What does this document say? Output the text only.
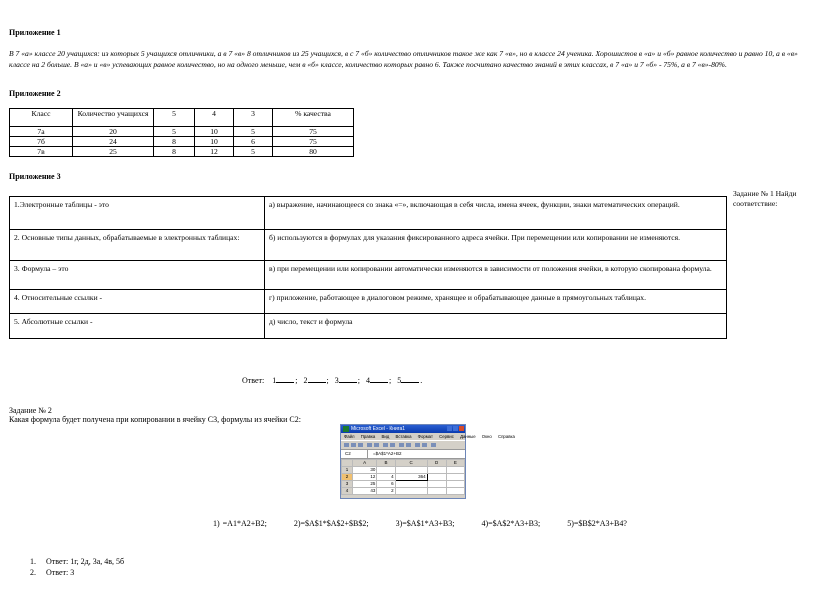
Приложение 1

В 7 «а» классе 20 учащихся: из которых 5 учащихся отличники, а в 7 «в» 8 отличников из 25 учащихся, в с 7 «б» количество отличников такое же как 7 «в», но в классе 24 ученика. Хорошистов в «а» и «б» равное количество и равно 10, а в «в» классе на 2 больше. В «а» и «в» успевающих равное количество, но на одного меньше, чем в «б» классе, количество которых равно 6. Также посчитано качество знаний в этих классах, в 7 «а» и 7 «б» - 75%, а в 7 «в»-80%.

Приложение 2
Класс	Количество учащихся	5	4	3	% качества
7а	20	5	10	5	75
7б	24	8	10	6	75
7в	25	8	12	5	80
Приложение 3
Задание № 1 Найди соответствие:
1.Электронные таблицы - это	а) выражение, начинающееся со знака «=», включающая в себя числа, имена ячеек, функции, знаки математических операций.
2. Основные типы данных, обрабатываемые в электронных таблицах:	б) используются в формулах для указания фиксированного адреса ячейки. При перемещении или копировании не изменяются.
3. Формула – это	в) при перемещении или копировании автоматически изменяются в зависимости от положения ячейки, в которую скопирована формула.
4. Относительные ссылки -	г) приложение, работающее в диалоговом режиме, хранящее и обрабатывающее данные в прямоугольных таблицах.
5. Абсолютные ссылки -	д) число, текст и формула
Ответ: 1 ;   2 ;   3 ;   4 ;   5 .
Задание № 2
Какая формула будет получена при копировании в ячейку С3, формулы из ячейки С2:
Microsoft Excel - Книга1
Файл Правка Вид Вставка Формат Сервис Данные Окно Справка
C2	=$A$1*A2+B2
	A	B	C	D	E
1	30				
2	12	4	364		
3	25	6			
4	43	2			
1) =A1*A2+B2;	2)=$A$1*$A$2+$B$2;	3)=$A$1*A3+B3;	4)=$A$2*A3+B3;	5)=$B$2*A3+B4?
1. Ответ: 1г, 2д, 3а, 4в, 5б
2. Ответ: 3
